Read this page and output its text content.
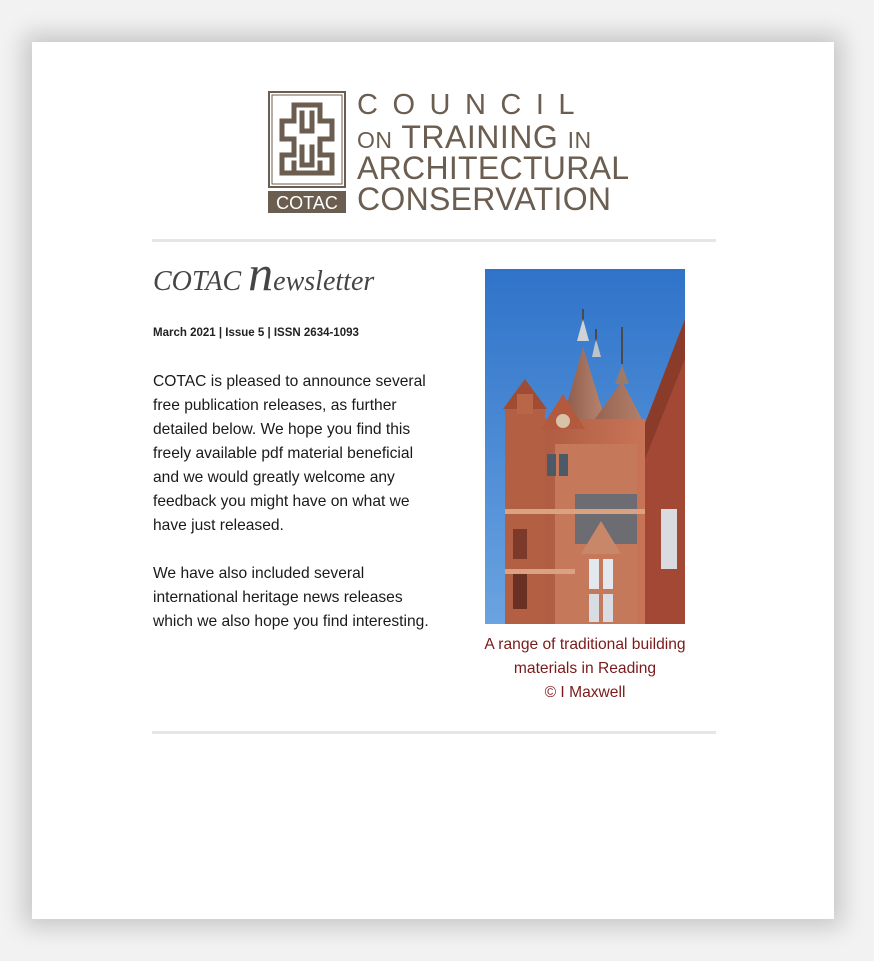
COTAC
COUNCIL
ON TRAINING IN
ARCHITECTURAL
CONSERVATION
COTAC newsletter
March 2021 | Issue 5 | ISSN 2634-1093
COTAC is pleased to announce several free publication releases, as further detailed below. We hope you find this freely available pdf material beneficial and we would greatly welcome any feedback you might have on what we have just released.
We have also included several international heritage news releases which we also hope you find interesting.
A range of traditional building
materials in Reading
© I Maxwell
